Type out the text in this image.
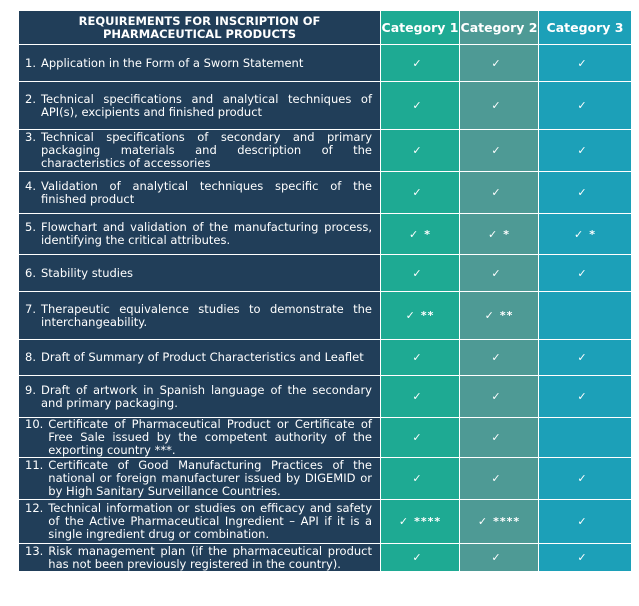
REQUIREMENTS FOR INSCRIPTION OF PHARMACEUTICAL PRODUCTS	Category 1	Category 2	Category 3

1. Application in the Form of a Sworn Statement	✓	✓	✓

2. Technical specifications and analytical techniques of API(s), excipients and finished product	✓	✓	✓

3. Technical specifications of secondary and primary packaging materials and description of the characteristics of accessories	✓	✓	✓

4. Validation of analytical techniques specific of the finished product	✓	✓	✓

5. Flowchart and validation of the manufacturing process, identifying the critical attributes.	✓ *	✓ *	✓ *

6. Stability studies	✓	✓	✓

7. Therapeutic equivalence studies to demonstrate the interchangeability.	✓ **	✓ **	

8. Draft of Summary of Product Characteristics and Leaflet	✓	✓	✓

9. Draft of artwork in Spanish language of the secondary and primary packaging.	✓	✓	✓

10. Certificate of Pharmaceutical Product or Certificate of Free Sale issued by the competent authority of the exporting country ***.	✓	✓	

11. Certificate of Good Manufacturing Practices of the national or foreign manufacturer issued by DIGEMID or by High Sanitary Surveillance Countries.	✓	✓	✓

12. Technical information or studies on efficacy and safety of the Active Pharmaceutical Ingredient – API if it is a single ingredient drug or combination.	✓ ****	✓ ****	✓

13. Risk management plan (if the pharmaceutical product has not been previously registered in the country).	✓	✓	✓
